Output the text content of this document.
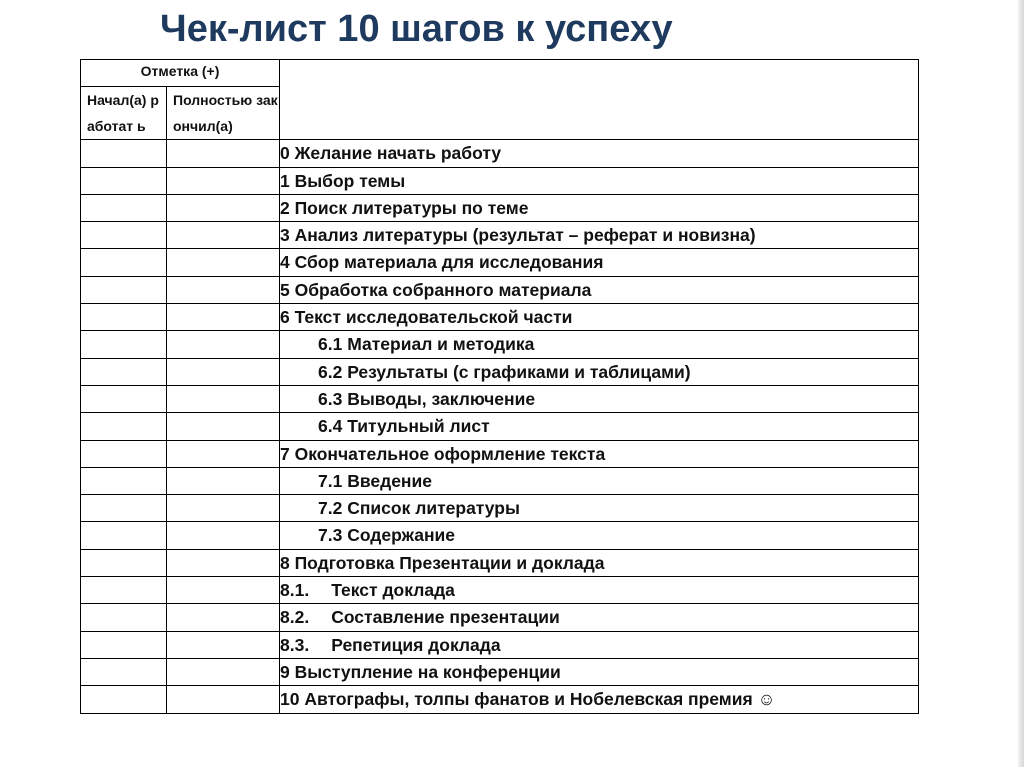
Чек-лист 10 шагов к успеху
Отметка (+)		
Начал(а) работат ь	Полностью закончил(а)	
		0 Желание начать работу
		1 Выбор темы
		2 Поиск литературы по теме
		3 Анализ литературы (результат – реферат и новизна)
		4 Сбор материала для исследования
		5 Обработка собранного материала
		6 Текст исследовательской части
		6.1 Материал и методика
		6.2 Результаты (с графиками и таблицами)
		6.3 Выводы, заключение
		6.4 Титульный лист
		7 Окончательное оформление текста
		7.1 Введение
		7.2 Список литературы
		7.3 Содержание
		8 Подготовка Презентации и доклада
		8.1. Текст доклада
		8.2. Составление презентации
		8.3. Репетиция доклада
		9 Выступление на конференции
		10 Автографы, толпы фанатов и Нобелевская премия ☺
